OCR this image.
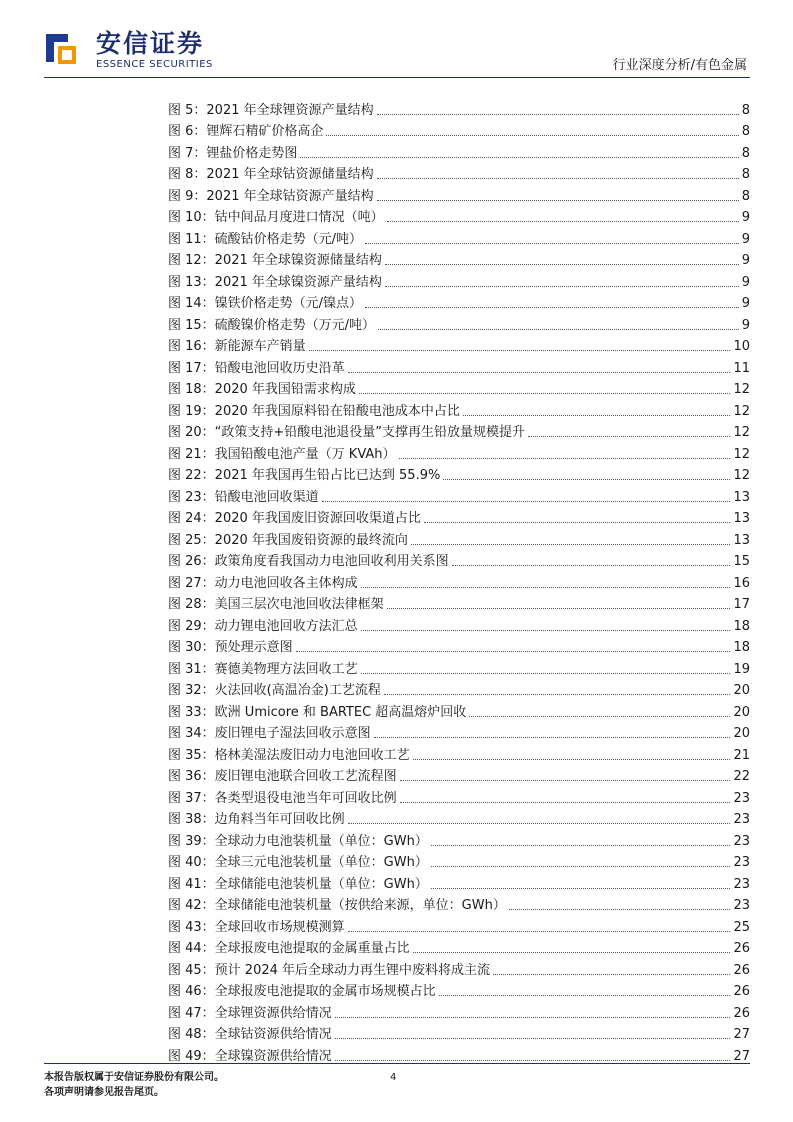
安信证券
ESSENCE SECURITIES	行业深度分析/有色金属
图 5：2021 年全球锂资源产量结构	8
图 6：锂辉石精矿价格高企	8
图 7：锂盐价格走势图	8
图 8：2021 年全球钴资源储量结构	8
图 9：2021 年全球钴资源产量结构	8
图 10：钴中间品月度进口情况（吨）	9
图 11：硫酸钴价格走势（元/吨）	9
图 12：2021 年全球镍资源储量结构	9
图 13：2021 年全球镍资源产量结构	9
图 14：镍铁价格走势（元/镍点）	9
图 15：硫酸镍价格走势（万元/吨）	9
图 16：新能源车产销量	10
图 17：铅酸电池回收历史沿革	11
图 18：2020 年我国铅需求构成	12
图 19：2020 年我国原料铅在铅酸电池成本中占比	12
图 20：“政策支持+铅酸电池退役量”支撑再生铅放量规模提升	12
图 21：我国铅酸电池产量（万 KVAh）	12
图 22：2021 年我国再生铅占比已达到 55.9%	12
图 23：铅酸电池回收渠道	13
图 24：2020 年我国废旧资源回收渠道占比	13
图 25：2020 年我国废铅资源的最终流向	13
图 26：政策角度看我国动力电池回收利用关系图	15
图 27：动力电池回收各主体构成	16
图 28：美国三层次电池回收法律框架	17
图 29：动力锂电池回收方法汇总	18
图 30：预处理示意图	18
图 31：赛德美物理方法回收工艺	19
图 32：火法回收(高温冶金)工艺流程	20
图 33：欧洲 Umicore 和 BARTEC 超高温熔炉回收	20
图 34：废旧锂电子湿法回收示意图	20
图 35：格林美湿法废旧动力电池回收工艺	21
图 36：废旧锂电池联合回收工艺流程图	22
图 37：各类型退役电池当年可回收比例	23
图 38：边角料当年可回收比例	23
图 39：全球动力电池装机量（单位：GWh）	23
图 40：全球三元电池装机量（单位：GWh）	23
图 41：全球储能电池装机量（单位：GWh）	23
图 42：全球储能电池装机量（按供给来源，单位：GWh）	23
图 43：全球回收市场规模测算	25
图 44：全球报废电池提取的金属重量占比	26
图 45：预计 2024 年后全球动力再生锂中废料将成主流	26
图 46：全球报废电池提取的金属市场规模占比	26
图 47：全球锂资源供给情况	26
图 48：全球钴资源供给情况	27
图 49：全球镍资源供给情况	27
本报告版权属于安信证券股份有限公司。
各项声明请参见报告尾页。
4
